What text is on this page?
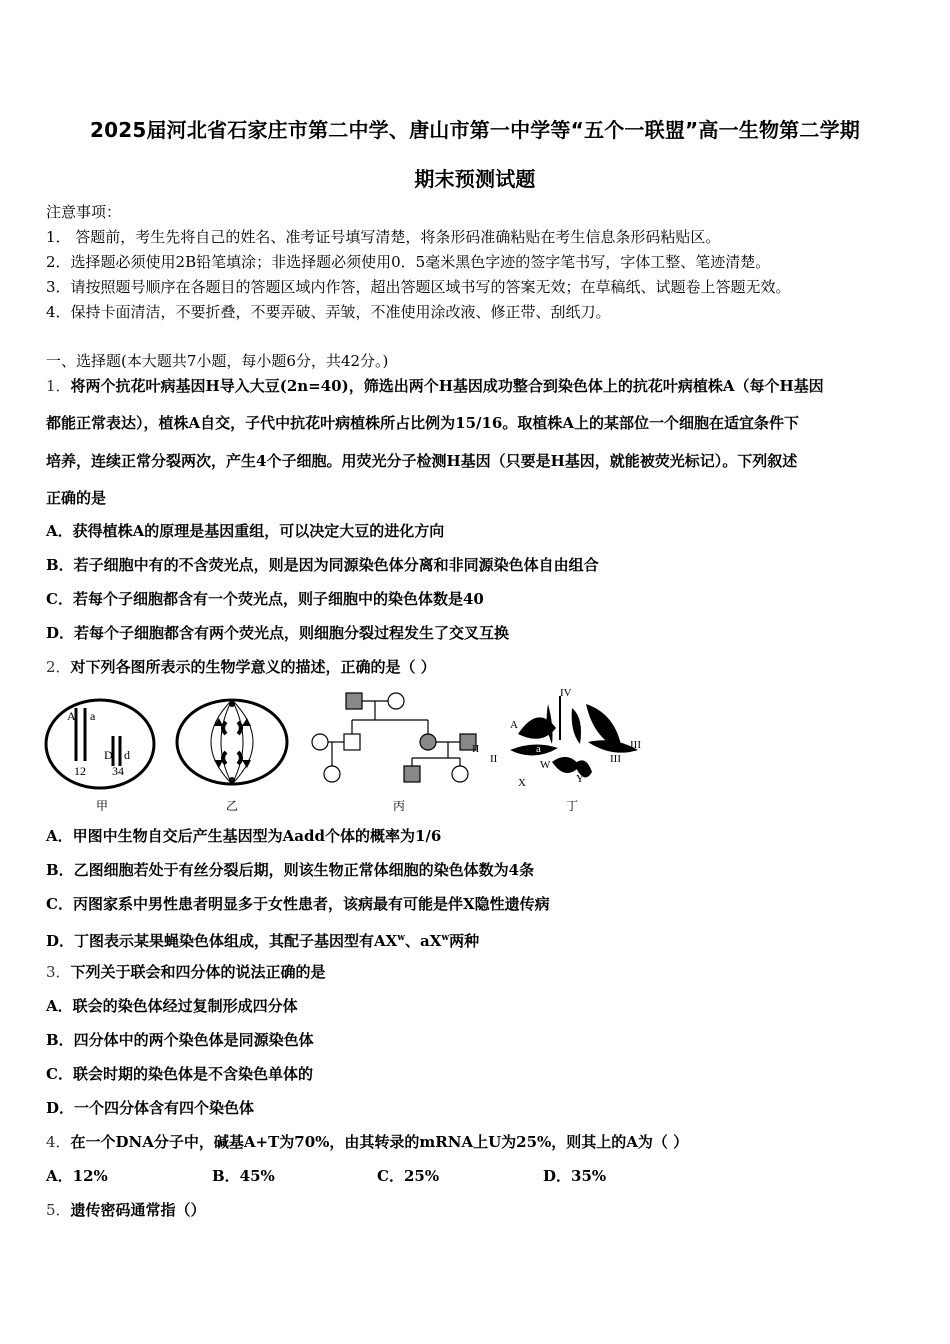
2025届河北省石家庄市第二中学、唐山市第一中学等“五个一联盟”高一生物第二学期
期末预测试题
注意事项：
1． 答题前，考生先将自己的姓名、准考证号填写清楚，将条形码准确粘贴在考生信息条形码粘贴区。
2．选择题必须使用2B铅笔填涂；非选择题必须使用0．5毫米黑色字迹的签字笔书写，字体工整、笔迹清楚。
3．请按照题号顺序在各题目的答题区域内作答，超出答题区域书写的答案无效；在草稿纸、试题卷上答题无效。
4．保持卡面清洁，不要折叠，不要弄破、弄皱，不准使用涂改液、修正带、刮纸刀。
一、选择题(本大题共7小题，每小题6分，共42分。)
1．将两个抗花叶病基因H导入大豆(2n=40)，筛选出两个H基因成功整合到染色体上的抗花叶病植株A（每个H基因
都能正常表达），植株A自交，子代中抗花叶病植株所占比例为15/16。取植株A上的某部位一个细胞在适宜条件下
培养，连续正常分裂两次，产生4个子细胞。用荧光分子检测H基因（只要是H基因，就能被荧光标记）。下列叙述
正确的是
A．获得植株A的原理是基因重组，可以决定大豆的进化方向
B．若子细胞中有的不含荧光点，则是因为同源染色体分离和非同源染色体自由组合
C．若每个子细胞都含有一个荧光点，则子细胞中的染色体数是40
D．若每个子细胞都含有两个荧光点，则细胞分裂过程发生了交叉互换
2．对下列各图所表示的生物学意义的描述，正确的是（ ）
A a
D d
12 34
甲	乙	丙
IV
A
II
II
a	III
III
W
X	Y
丁
A．甲图中生物自交后产生基因型为Aadd个体的概率为1/6
B．乙图细胞若处于有丝分裂后期，则该生物正常体细胞的染色体数为4条
C．丙图家系中男性患者明显多于女性患者，该病最有可能是伴X隐性遗传病
D．丁图表示某果蝇染色体组成，其配子基因型有$AX^w$、$aX^w$两种
3．下列关于联会和四分体的说法正确的是
A．联会的染色体经过复制形成四分体
B．四分体中的两个染色体是同源染色体
C．联会时期的染色体是不含染色单体的
D．一个四分体含有四个染色体
4．在一个DNA分子中，碱基A+T为70%，由其转录的mRNA上U为25%，则其上的A为（ ）
A．12%	B．45%	C．25%	D．35%
5．遗传密码通常指（）
